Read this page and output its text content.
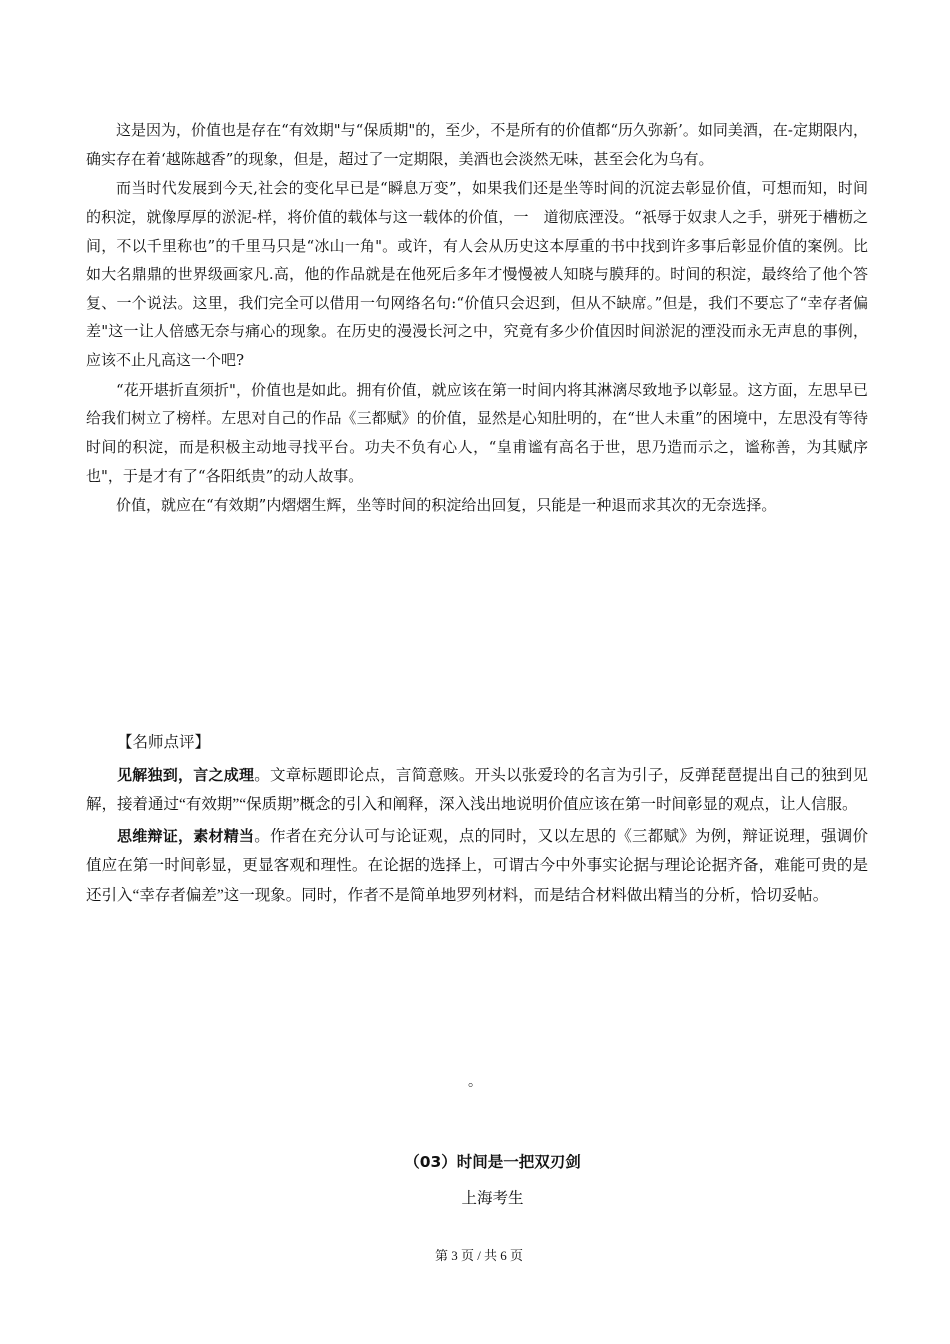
这是因为，价值也是存在“有效期"与“保质期"的，至少，不是所有的价值都“历久弥新’。如同美酒，在-定期限内，确实存在着‘越陈越香”的现象，但是，超过了一定期限，美酒也会淡然无味，甚至会化为乌有。

而当时代发展到今天,社会的变化早已是“瞬息万变”，如果我们还是坐等时间的沉淀去彰显价值，可想而知，时间的积淀，就像厚厚的淤泥-样，将价值的载体与这一载体的价值，一　道彻底湮没。“祇辱于奴隶人之手，骈死于槽枥之间，不以千里称也”的千里马只是“冰山一角"。或许，有人会从历史这本厚重的书中找到许多事后彰显价值的案例。比如大名鼎鼎的世界级画家凡.高，他的作品就是在他死后多年才慢慢被人知晓与膜拜的。时间的积淀，最终给了他个答复、一个说法。这里，我们完全可以借用一句网络名句:“价值只会迟到，但从不缺席。”但是，我们不要忘了“幸存者偏差"这一让人倍感无奈与痛心的现象。在历史的漫漫长河之中，究竟有多少价值因时间淤泥的湮没而永无声息的事例，应该不止凡高这一个吧?

“花开堪折直须折"，价值也是如此。拥有价值，就应该在第一时间内将其淋漓尽致地予以彰显。这方面，左思早已给我们树立了榜样。左思对自己的作品《三都赋》的价值，显然是心知肚明的，在“世人未重”的困境中，左思没有等待时间的积淀，而是积极主动地寻找平台。功夫不负有心人，“皇甫谧有高名于世，思乃造而示之，谧称善，为其赋序也"，于是才有了“各阳纸贵”的动人故事。

价值，就应在“有效期”内熠熠生辉，坐等时间的积淀给出回复，只能是一种退而求其次的无奈选择。

【名师点评】

见解独到，言之成理。文章标题即论点，言简意赅。开头以张爱玲的名言为引子，反弹琵琶提出自己的独到见解，接着通过“有效期”“保质期”概念的引入和阐释，深入浅出地说明价值应该在第一时间彰显的观点，让人信服。

思维辩证，素材精当。作者在充分认可与论证观，点的同时，又以左思的《三都赋》为例，辩证说理，强调价值应在第一时间彰显，更显客观和理性。在论据的选择上，可谓古今中外事实论据与理论论据齐备，难能可贵的是还引入“幸存者偏差”这一现象。同时，作者不是简单地罗列材料，而是结合材料做出精当的分析，恰切妥帖。

。
（03）时间是一把双刃剑
上海考生
第 3 页 / 共 6 页
